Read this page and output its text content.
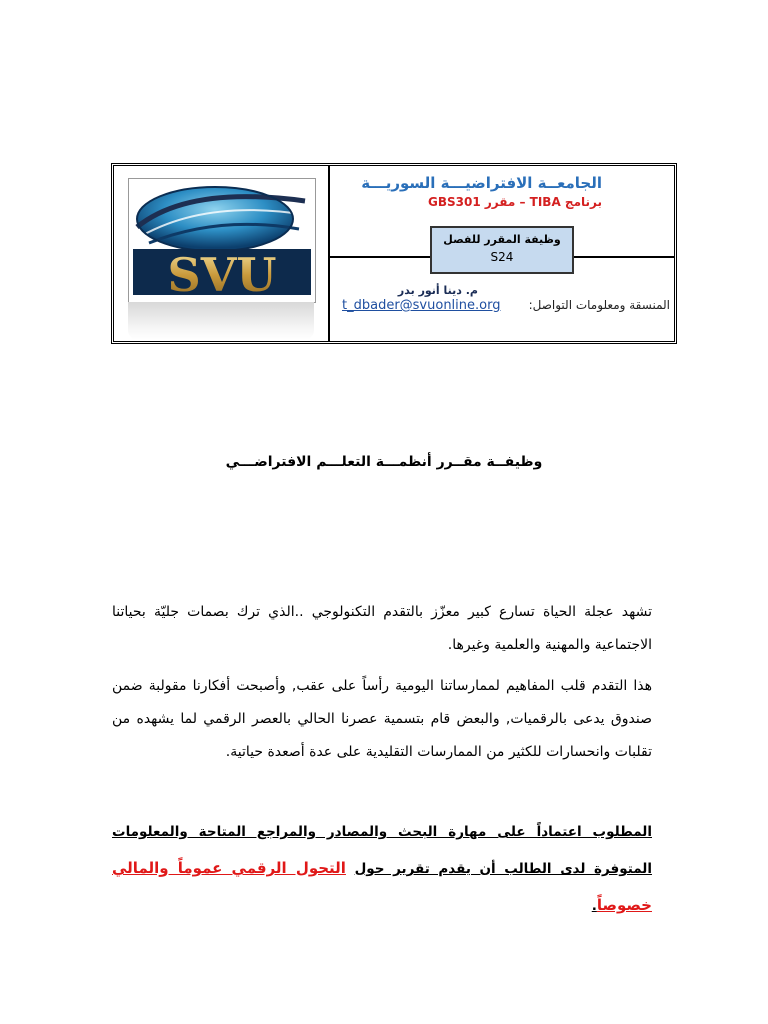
SVU
الجامعــة الافتراضيـــة السوريـــة
برنامج TIBA – مقرر GBS301
وظيفة المقرر للفصل
S24
م. دينا أنور بدر
المنسقة ومعلومات التواصل:
t_dbader@svuonline.org
وظيفــة مقــرر أنظمـــة التعلـــم الافتراضـــي
تشهد عجلة الحياة تسارع كبير معزّز بالتقدم التكنولوجي ..الذي ترك بصمات جليّة بحياتنا الاجتماعية والمهنية والعلمية وغيرها.
هذا التقدم قلب المفاهيم لممارساتنا اليومية رأساً على عقب, وأصبحت أفكارنا مقولبة ضمن صندوق يدعى بالرقميات, والبعض قام بتسمية عصرنا الحالي بالعصر الرقمي لما يشهده من تقلبات وانحسارات للكثير من الممارسات التقليدية على عدة أصعدة حياتية.
المطلوب اعتماداً على مهارة البحث والمصادر والمراجع المتاحة والمعلومات المتوفرة لدى الطالب أن يقدم تقرير حول التحول الرقمي عموماً والمالي خصوصاً.
